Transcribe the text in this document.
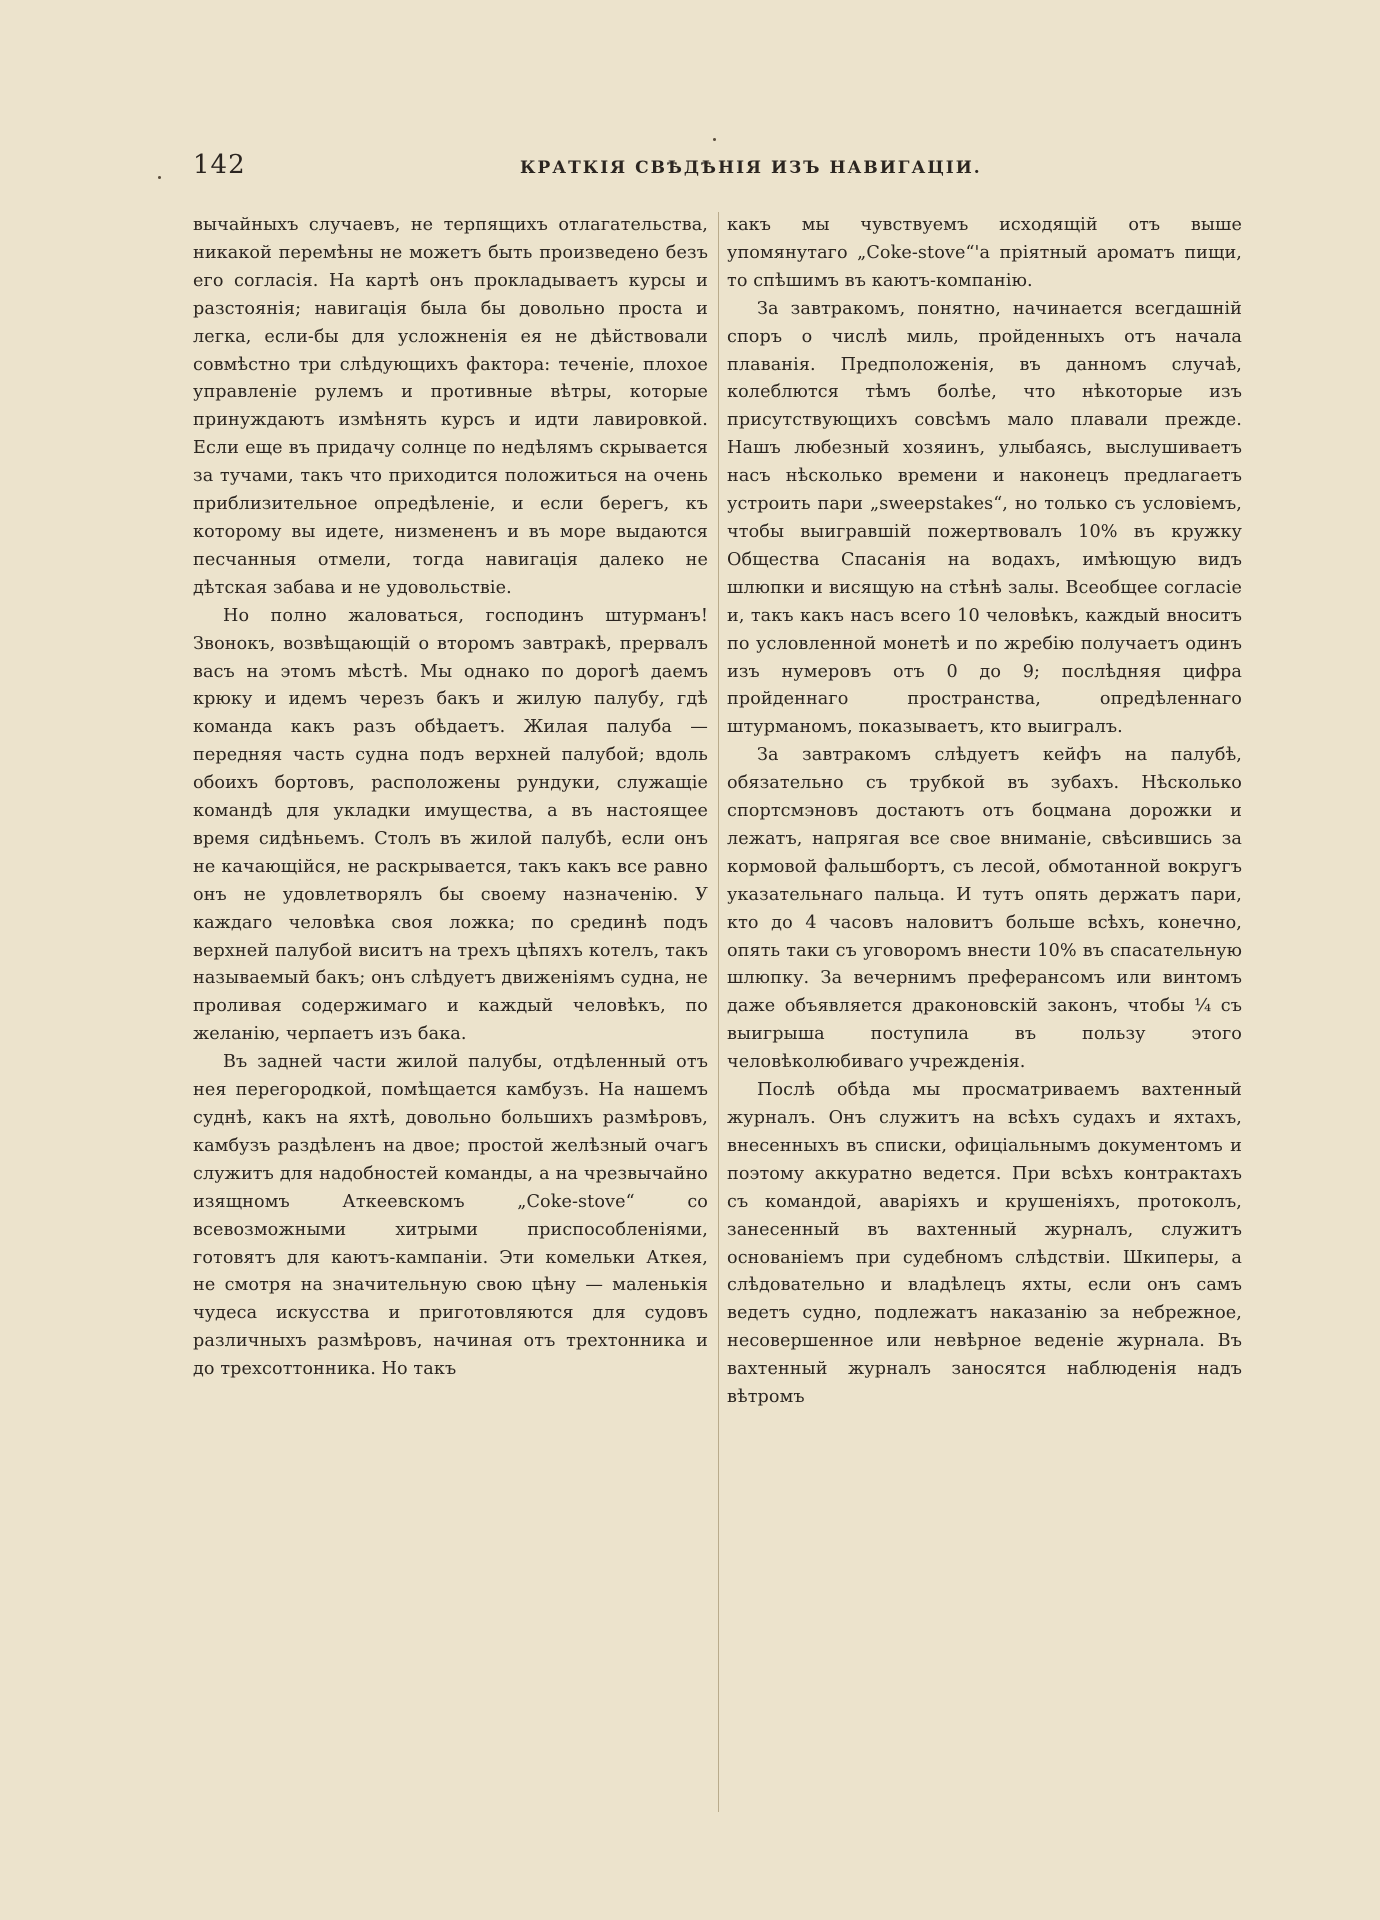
142	КРАТКІЯ СВѢДѢНІЯ ИЗЪ НАВИГАЦІИ.

вычайныхъ случаевъ, не терпящихъ отлагательства, никакой перемѣны не можетъ быть произведено безъ его согласія. На картѣ онъ прокладываетъ курсы и разстоянія; навигація была бы довольно проста и легка, если-бы для усложненія ея не дѣйствовали совмѣстно три слѣдующихъ фактора: теченіе, плохое управленіе рулемъ и противные вѣтры, которые принуждаютъ измѣнять курсъ и идти лавировкой. Если еще въ придачу солнце по недѣлямъ скрывается за тучами, такъ что приходится положиться на очень приблизительное опредѣленіе, и если берегъ, къ которому вы идете, низмененъ и въ море выдаются песчанныя отмели, тогда навигація далеко не дѣтская забава и не удовольствіе.

Но полно жаловаться, господинъ штурманъ! Звонокъ, возвѣщающій о второмъ завтракѣ, прервалъ васъ на этомъ мѣстѣ. Мы однако по дорогѣ даемъ крюку и идемъ черезъ бакъ и жилую палубу, гдѣ команда какъ разъ обѣдаетъ. Жилая палуба — передняя часть судна подъ верхней палубой; вдоль обоихъ бортовъ, расположены рундуки, служащіе командѣ для укладки имущества, а въ настоящее время сидѣньемъ. Столъ въ жилой палубѣ, если онъ не качающійся, не раскрывается, такъ какъ все равно онъ не удовлетворялъ бы своему назначенію. У каждаго человѣка своя ложка; по срединѣ подъ верхней палубой виситъ на трехъ цѣпяхъ котелъ, такъ называемый бакъ; онъ слѣдуетъ движеніямъ судна, не проливая содержимаго и каждый человѣкъ, по желанію, черпаетъ изъ бака.

Въ задней части жилой палубы, отдѣленный отъ нея перегородкой, помѣщается камбузъ. На нашемъ суднѣ, какъ на яхтѣ, довольно большихъ размѣровъ, камбузъ раздѣленъ на двое; простой желѣзный очагъ служитъ для надобностей команды, а на чрезвычайно изящномъ Аткеевскомъ „Coke-stove“ со всевозможными хитрыми приспособленіями, готовятъ для каютъ-кампаніи. Эти комельки Аткея, не смотря на значительную свою цѣну — маленькія чудеса искусства и приготовляются для судовъ различныхъ размѣровъ, начиная отъ трехтонника и до трехсоттонника. Но такъ

какъ мы чувствуемъ исходящій отъ выше упомянутаго „Coke-stove“'а пріятный ароматъ пищи, то спѣшимъ въ каютъ-компанію.

За завтракомъ, понятно, начинается всегдашній споръ о числѣ миль, пройденныхъ отъ начала плаванія. Предположенія, въ данномъ случаѣ, колеблются тѣмъ болѣе, что нѣкоторые изъ присутствующихъ совсѣмъ мало плавали прежде. Нашъ любезный хозяинъ, улыбаясь, выслушиваетъ насъ нѣсколько времени и наконецъ предлагаетъ устроить пари „sweepstakes“, но только съ условіемъ, чтобы выигравшій пожертвовалъ 10% въ кружку Общества Спасанія на водахъ, имѣющую видъ шлюпки и висящую на стѣнѣ залы. Всеобщее согласіе и, такъ какъ насъ всего 10 человѣкъ, каждый вноситъ по условленной монетѣ и по жребію получаетъ одинъ изъ нумеровъ отъ 0 до 9; послѣдняя цифра пройденнаго пространства, опредѣленнаго штурманомъ, показываетъ, кто выигралъ.

За завтракомъ слѣдуетъ кейфъ на палубѣ, обязательно съ трубкой въ зубахъ. Нѣсколько спортсмэновъ достаютъ отъ боцмана дорожки и лежатъ, напрягая все свое вниманіе, свѣсившись за кормовой фальшбортъ, съ лесой, обмотанной вокругъ указательнаго пальца. И тутъ опять держатъ пари, кто до 4 часовъ наловитъ больше всѣхъ, конечно, опять таки съ уговоромъ внести 10% въ спасательную шлюпку. За вечернимъ преферансомъ или винтомъ даже объявляется драконовскій законъ, чтобы ¼ съ выигрыша поступила въ пользу этого человѣколюбиваго учрежденія.

Послѣ обѣда мы просматриваемъ вахтенный журналъ. Онъ служитъ на всѣхъ судахъ и яхтахъ, внесенныхъ въ списки, офиціальнымъ документомъ и поэтому аккуратно ведется. При всѣхъ контрактахъ съ командой, аваріяхъ и крушеніяхъ, протоколъ, занесенный въ вахтенный журналъ, служитъ основаніемъ при судебномъ слѣдствіи. Шкиперы, а слѣдовательно и владѣлецъ яхты, если онъ самъ ведетъ судно, подлежатъ наказанію за небрежное, несовершенное или невѣрное веденіе журнала. Въ вахтенный журналъ заносятся наблюденія надъ вѣтромъ
